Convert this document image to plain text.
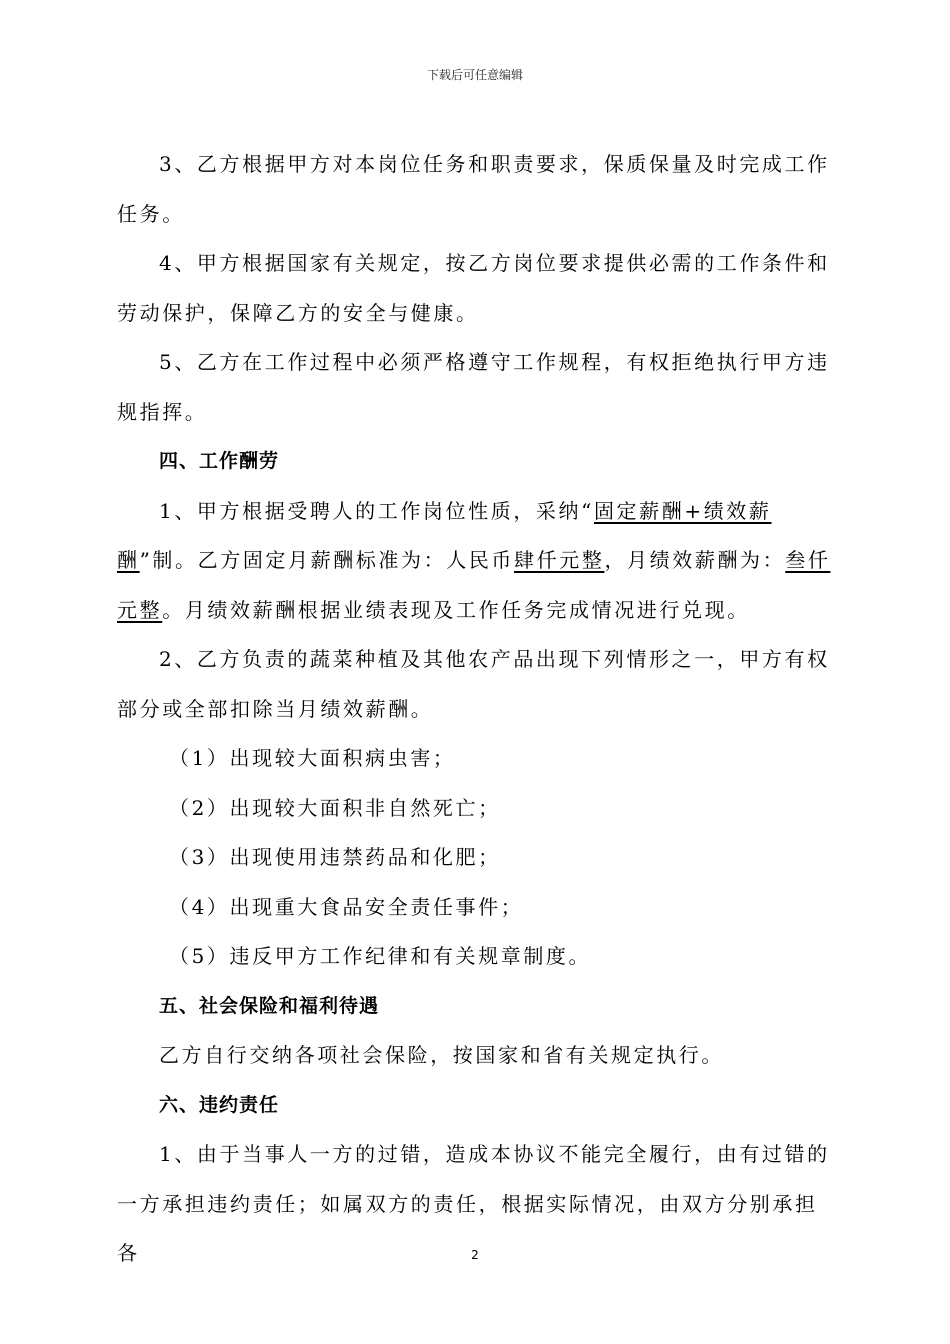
下载后可任意编辑

3、乙方根据甲方对本岗位任务和职责要求，保质保量及时完成工作任务。

4、甲方根据国家有关规定，按乙方岗位要求提供必需的工作条件和劳动保护，保障乙方的安全与健康。

5、乙方在工作过程中必须严格遵守工作规程，有权拒绝执行甲方违规指挥。

四、工作酬劳

1、甲方根据受聘人的工作岗位性质，采纳“固定薪酬+绩效薪酬”制。乙方固定月薪酬标准为：人民币肆仟元整，月绩效薪酬为：叁仟元整。月绩效薪酬根据业绩表现及工作任务完成情况进行兑现。

2、乙方负责的蔬菜种植及其他农产品出现下列情形之一，甲方有权部分或全部扣除当月绩效薪酬。

（1）出现较大面积病虫害；

（2）出现较大面积非自然死亡；

（3）出现使用违禁药品和化肥；

（4）出现重大食品安全责任事件；

（5）违反甲方工作纪律和有关规章制度。

五、社会保险和福利待遇

乙方自行交纳各项社会保险，按国家和省有关规定执行。

六、违约责任

1、由于当事人一方的过错，造成本协议不能完全履行，由有过错的一方承担违约责任；如属双方的责任，根据实际情况，由双方分别承担各	2
